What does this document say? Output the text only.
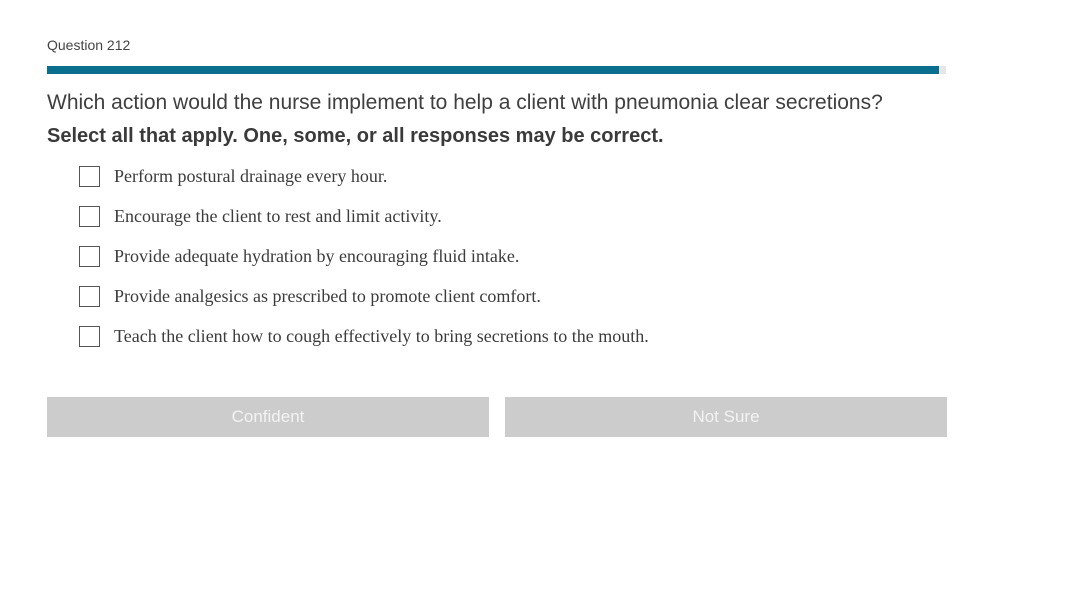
Question 212
Which action would the nurse implement to help a client with pneumonia clear secretions?
Select all that apply. One, some, or all responses may be correct.
Perform postural drainage every hour.
Encourage the client to rest and limit activity.
Provide adequate hydration by encouraging fluid intake.
Provide analgesics as prescribed to promote client comfort.
Teach the client how to cough effectively to bring secretions to the mouth.
Confident	Not Sure
